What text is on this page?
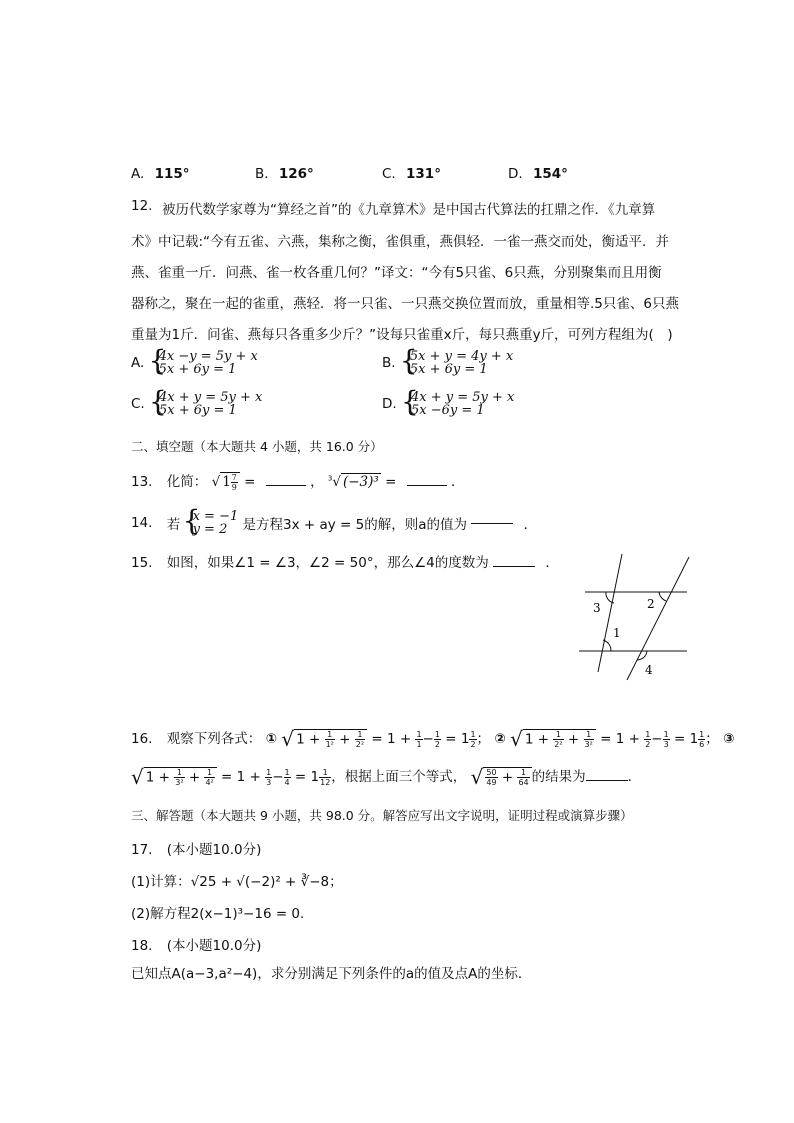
A. 115°	B. 126°	C. 131°	D. 154°
12. 被历代数学家尊为“算经之首”的《九章算术》是中国古代算法的扛鼎之作．《九章算
术》中记载:“今有五雀、六燕，集称之衡，雀俱重，燕俱轻．一雀一燕交而处，衡适平．并
燕、雀重一斤．问燕、雀一枚各重几何？”译文：“今有5只雀、6只燕，分别聚集而且用衡
器称之，聚在一起的雀重，燕轻．将一只雀、一只燕交换位置而放，重量相等.5只雀、6只燕
重量为1斤．问雀、燕每只各重多少斤？”设每只雀重x斤，每只燕重y斤，可列方程组为(　)
A. {
4x −y = 5y + x
5x + 6y = 1	B. {
5x + y = 4y + x
5x + 6y = 1
C. {
4x + y = 5y + x
5x + 6y = 1	D. {
4x + y = 5y + x
5x −6y = 1
二、填空题（本大题共 4 小题，共 16.0 分）
13. 化简： √ $1 \frac{7}{9}$ =	， $^3$√ (−3)³ =	．
14. 若 {
x = −1
y = 2	是方程3x + ay = 5的解，则a的值为	．
15. 如图，如果∠1 = ∠3，∠2 = 50°，那么∠4的度数为	．
3	2
1
4
16. 观察下列各式： ① √ $1 + \frac{1}{\text{1²}} + \frac{1}{\text{2²}} = 1 + \frac{1}{1} - \frac{1}{2} = 1 \frac{1}{2}$ ； ② √ $1 + \frac{1}{\text{2²}} + \frac{1}{\text{3²}} = 1 + \frac{1}{2} - \frac{1}{3} = 1 \frac{1}{6}$ ； ③
√ $1 + \frac{1}{\text{3²}} + \frac{1}{\text{4²}} = 1 + \frac{1}{3} - \frac{1}{4} = 1 \frac{1}{12}$ ，根据上面三个等式， √ $\frac{50}{49} + \frac{1}{64}$ 的结果为	．
三、解答题（本大题共 9 小题，共 98.0 分。解答应写出文字说明，证明过程或演算步骤）
17. (本小题10.0分)
(1)计算：√25 + √(−2)² + ∛−8；
(2)解方程2(x−1)³−16 = 0.
18. (本小题10.0分)
已知点A(a−3,a²−4)，求分别满足下列条件的a的值及点A的坐标．
